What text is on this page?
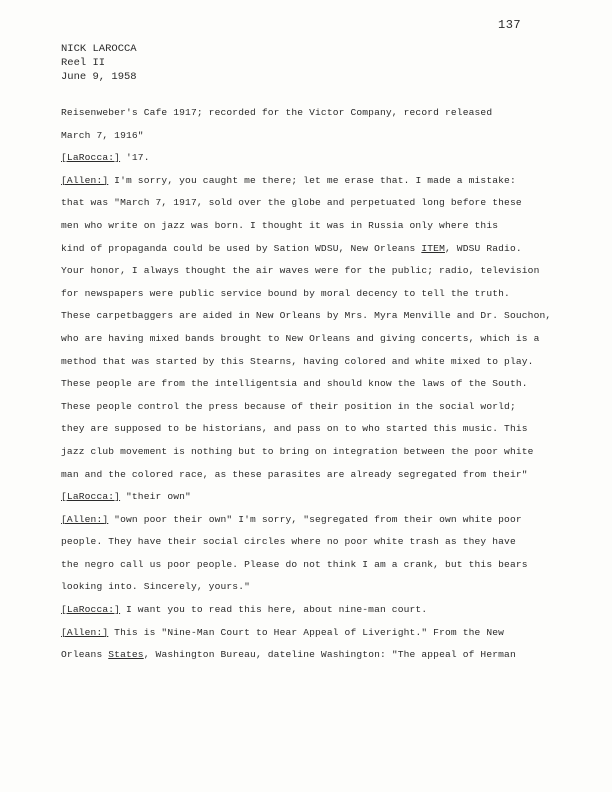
137
NICK LAROCCA
Reel II
June 9, 1958
Reisenweber's Cafe 1917; recorded for the Victor Company, record released
March 7, 1916"
[LaRocca:] '17.
[Allen:] I'm sorry, you caught me there; let me erase that. I made a mistake:
that was "March 7, 1917, sold over the globe and perpetuated long before these
men who write on jazz was born. I thought it was in Russia only where this
kind of propaganda could be used by Sation WDSU, New Orleans ITEM, WDSU Radio.
Your honor, I always thought the air waves were for the public; radio, television
for newspapers were public service bound by moral decency to tell the truth.
These carpetbaggers are aided in New Orleans by Mrs. Myra Menville and Dr. Souchon,
who are having mixed bands brought to New Orleans and giving concerts, which is a
method that was started by this Stearns, having colored and white mixed to play.
These people are from the intelligentsia and should know the laws of the South.
These people control the press because of their position in the social world;
they are supposed to be historians, and pass on to who started this music. This
jazz club movement is nothing but to bring on integration between the poor white
man and the colored race, as these parasites are already segregated from their"
[LaRocca:] "their own"
[Allen:] "own poor their own" I'm sorry, "segregated from their own white poor
people. They have their social circles where no poor white trash as they have
the negro call us poor people. Please do not think I am a crank, but this bears
looking into. Sincerely, yours."
[LaRocca:] I want you to read this here, about nine-man court.
[Allen:] This is "Nine-Man Court to Hear Appeal of Liveright." From the New
Orleans States, Washington Bureau, dateline Washington: "The appeal of Herman
